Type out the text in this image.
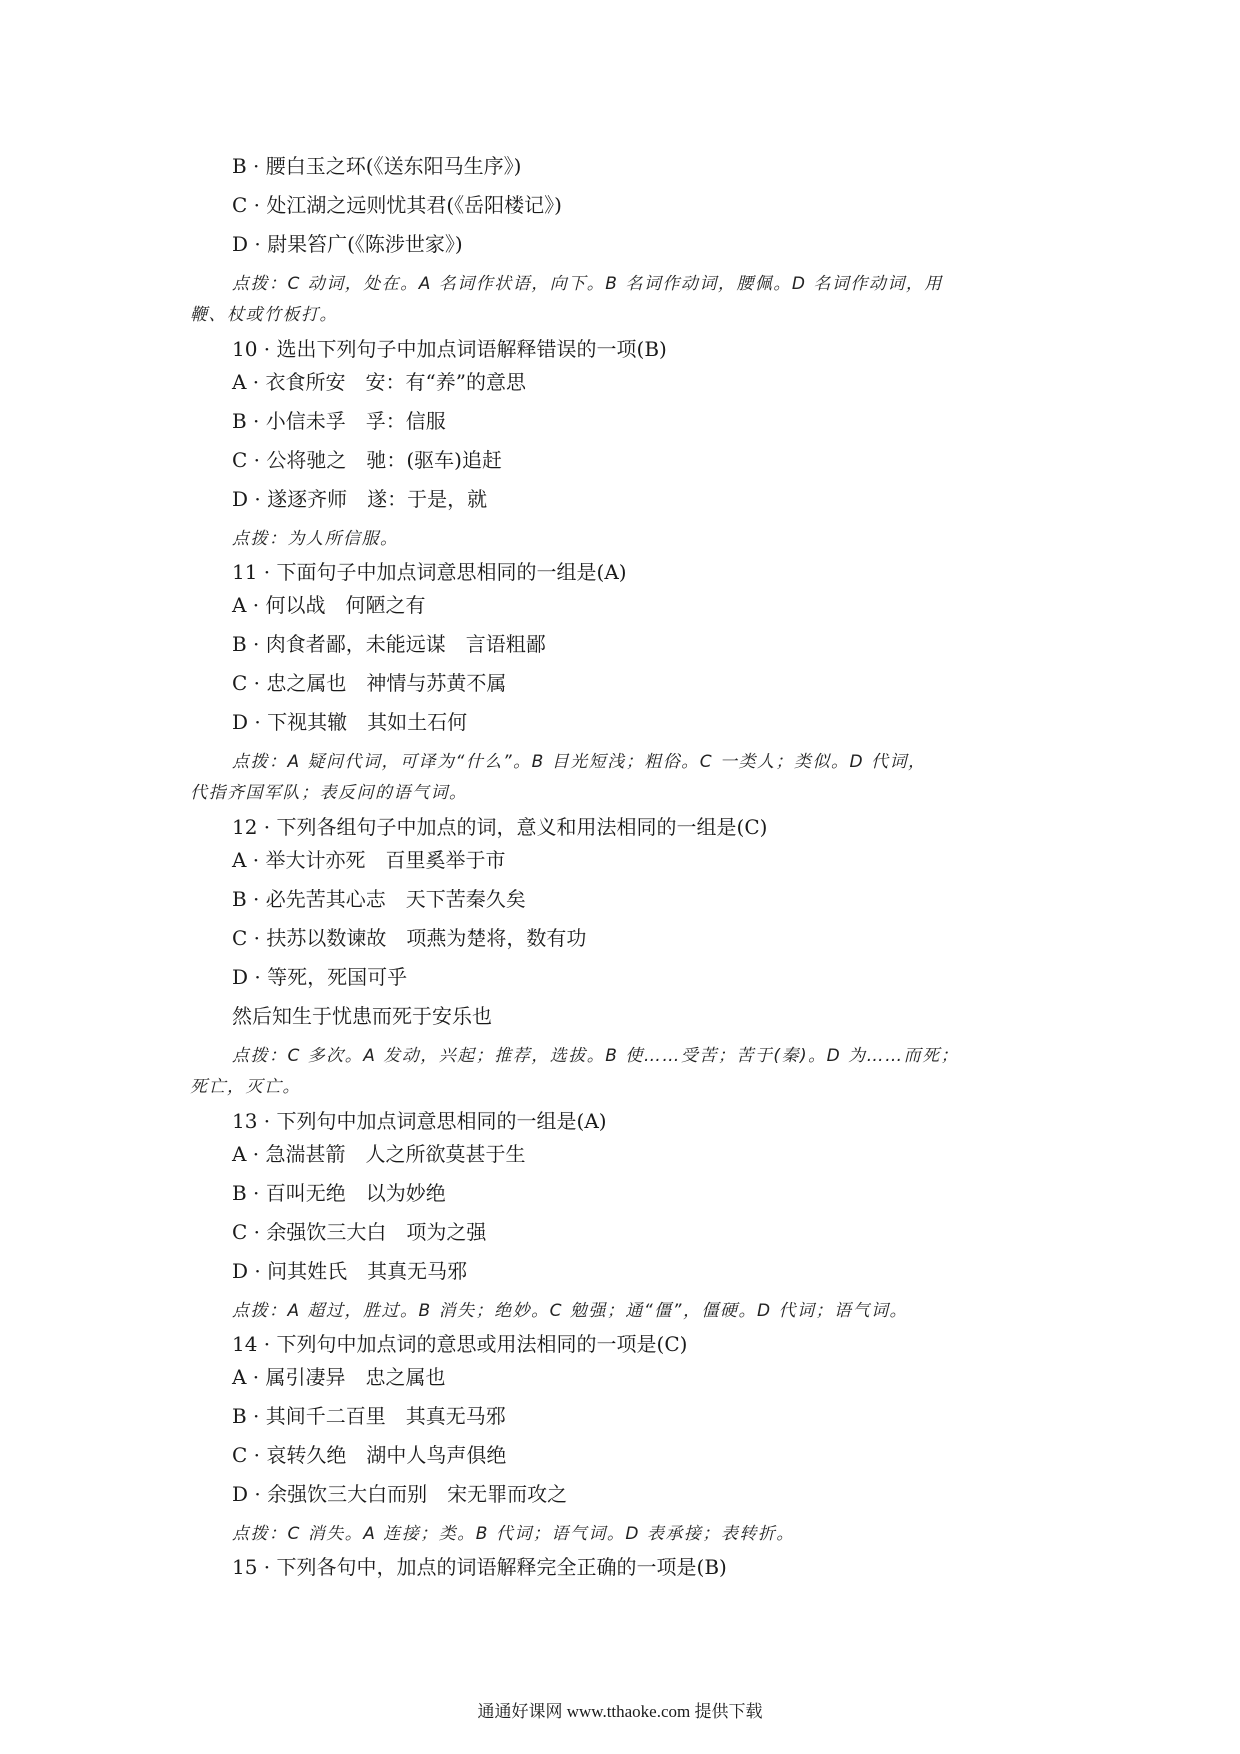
B · 腰白玉之环(《送东阳马生序》)
C · 处江湖之远则忧其君(《岳阳楼记》)
D · 尉果笞广(《陈涉世家》)
点拨：C 动词，处在。A 名词作状语，向下。B 名词作动词，腰佩。D 名词作动词，用
鞭、杖或竹板打。
10 · 选出下列句子中加点词语解释错误的一项(B)
A · 衣食所安　安：有“养”的意思
B · 小信未孚　孚：信服
C · 公将驰之　驰：(驱车)追赶
D · 遂逐齐师　遂：于是，就
点拨：为人所信服。
11 · 下面句子中加点词意思相同的一组是(A)
A · 何以战　何陋之有
B · 肉食者鄙，未能远谋　言语粗鄙
C · 忠之属也　神情与苏黄不属
D · 下视其辙　其如土石何
点拨：A 疑问代词，可译为“什么”。B 目光短浅；粗俗。C 一类人；类似。D 代词，
代指齐国军队；表反问的语气词。
12 · 下列各组句子中加点的词，意义和用法相同的一组是(C)
A · 举大计亦死　百里奚举于市
B · 必先苦其心志　天下苦秦久矣
C · 扶苏以数谏故　项燕为楚将，数有功
D · 等死，死国可乎
然后知生于忧患而死于安乐也
点拨：C 多次。A 发动，兴起；推荐，选拔。B 使……受苦；苦于(秦)。D 为……而死；
死亡，灭亡。
13 · 下列句中加点词意思相同的一组是(A)
A · 急湍甚箭　人之所欲莫甚于生
B · 百叫无绝　以为妙绝
C · 余强饮三大白　项为之强
D · 问其姓氏　其真无马邪
点拨：A 超过，胜过。B 消失；绝妙。C 勉强；通“僵”，僵硬。D 代词；语气词。
14 · 下列句中加点词的意思或用法相同的一项是(C)
A · 属引凄异　忠之属也
B · 其间千二百里　其真无马邪
C · 哀转久绝　湖中人鸟声俱绝
D · 余强饮三大白而别　宋无罪而攻之
点拨：C 消失。A 连接；类。B 代词；语气词。D 表承接；表转折。
15 · 下列各句中，加点的词语解释完全正确的一项是(B)
通通好课网 www.tthaoke.com 提供下载
